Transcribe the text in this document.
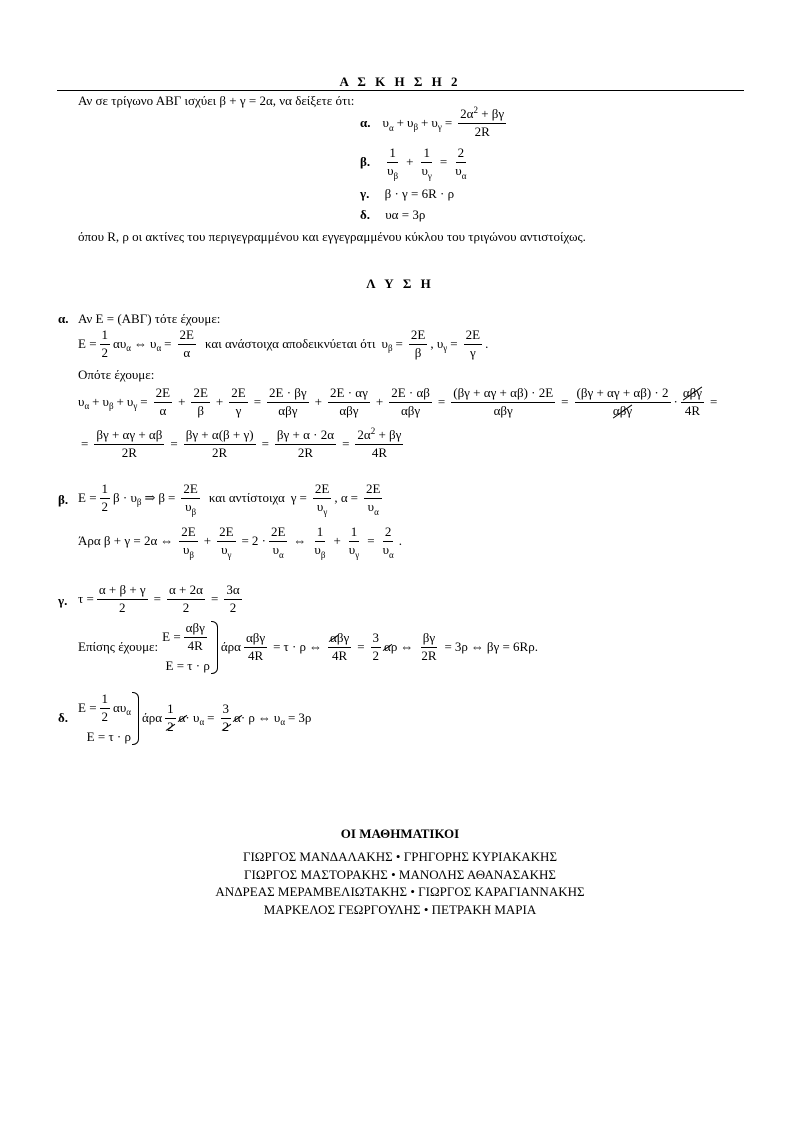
Α Σ Κ Η Σ Η 2
Αν σε τρίγωνο ΑΒΓ ισχύει β + γ = 2α, να δείξετε ότι:
α. $\upsilon_\alpha + \upsilon$ β + υ $\gamma = \frac{2\alpha^2 + \beta\gamma}{2R}$
β. $\frac{1}{\upsilon_\beta} + \frac{1}{\upsilon_\gamma} = \frac{2}{\upsilon_\alpha}$
γ. β · γ = 6R · ρ
δ. υα = 3ρ
όπου R, ρ οι ακτίνες του περιγεγραμμένου και εγγεγραμμένου κύκλου του τριγώνου αντιστοίχως.
Λ Υ Σ Η
α. Αν Ε = (ΑΒΓ) τότε έχουμε:
$E = \frac{1}{2}$ αυ α ⇔ υ $\alpha = \frac{2E}{\alpha}$ και ανάστοιχα αποδεικνύεται ότι υ $\beta = \frac{2E}{\beta}$ , υ $\gamma = \frac{2E}{\gamma}$ .
Οπότε έχουμε:
υ α + υ β + υ $\gamma = \frac{2E}{\alpha} + \frac{2E}{\beta} + \frac{2E}{\gamma} = \frac{2E \cdot \beta\gamma}{\text{αβγ}} + \frac{2E \cdot \alpha\gamma}{\text{αβγ}} + \frac{2E \cdot \alpha\beta}{\text{αβγ}} = \frac{(\beta\gamma + \alpha\gamma + \alpha\beta) \cdot 2E}{\text{αβγ}} = \frac{(\beta\gamma + \alpha\gamma + \alpha\beta) \cdot 2}{\text{αβγ}} \cdot \frac{\text{αβγ}}{4R}$ =
= $\frac{\beta\gamma + \alpha\gamma + \alpha\beta}{2R} = \frac{\beta\gamma + \alpha(\beta + \gamma)}{2R} = \frac{\beta\gamma + \alpha \cdot 2\alpha}{2R} = \frac{2\alpha^2 + \beta\gamma}{4R}$
β. $E = \frac{1}{2}$ β · υ β ⇒ $\beta = \frac{2E}{\upsilon_\beta}$ και αντίστοιχα $\gamma = \frac{2E}{\upsilon_\gamma}$ , $\alpha = \frac{2E}{\upsilon_\alpha}$
Άρα β + γ = 2α ⇔ $\frac{2E}{\upsilon_\beta} + \frac{2E}{\upsilon_\gamma} = 2 \cdot \frac{2E}{\upsilon_\alpha}$ ⇔ $\frac{1}{\upsilon_\beta} + \frac{1}{\upsilon_\gamma} = \frac{2}{\upsilon_\alpha}$ .
γ. $\tau = \frac{\alpha + \beta + \gamma}{2} = \frac{\alpha + 2\alpha}{2} = \frac{3\alpha}{2}$
Επίσης έχουμε:
$E = \frac{\text{αβγ}}{4R}$
Ε = τ · ρ
άρα $\frac{\text{αβγ}}{4R} = \tau \cdot \rho$ ⇔ $\frac{\text{αβγ}}{4R} = \frac{3}{2}$ α ρ ⇔ $\frac{\beta\gamma}{2R} = 3\rho$ ⇔ βγ = 6Rρ.
δ.
$E = \frac{1}{2}$ αυ α
Ε = τ · ρ
άρα $\frac{1}{2}$ α · υ $\alpha = \frac{3}{2}$ α · ρ ⇔ υ α = 3ρ
ΟΙ ΜΑΘΗΜΑΤΙΚΟΙ
ΓΙΩΡΓΟΣ ΜΑΝΔΑΛΑΚΗΣ • ΓΡΗΓΟΡΗΣ ΚΥΡΙΑΚΑΚΗΣ
ΓΙΩΡΓΟΣ ΜΑΣΤΟΡΑΚΗΣ • ΜΑΝΟΛΗΣ ΑΘΑΝΑΣΑΚΗΣ
ΑΝΔΡΕΑΣ ΜΕΡΑΜΒΕΛΙΩΤΑΚΗΣ • ΓΙΩΡΓΟΣ ΚΑΡΑΓΙΑΝΝΑΚΗΣ
ΜΑΡΚΕΛΟΣ ΓΕΩΡΓΟΥΛΗΣ • ΠΕΤΡΑΚΗ ΜΑΡΙΑ
